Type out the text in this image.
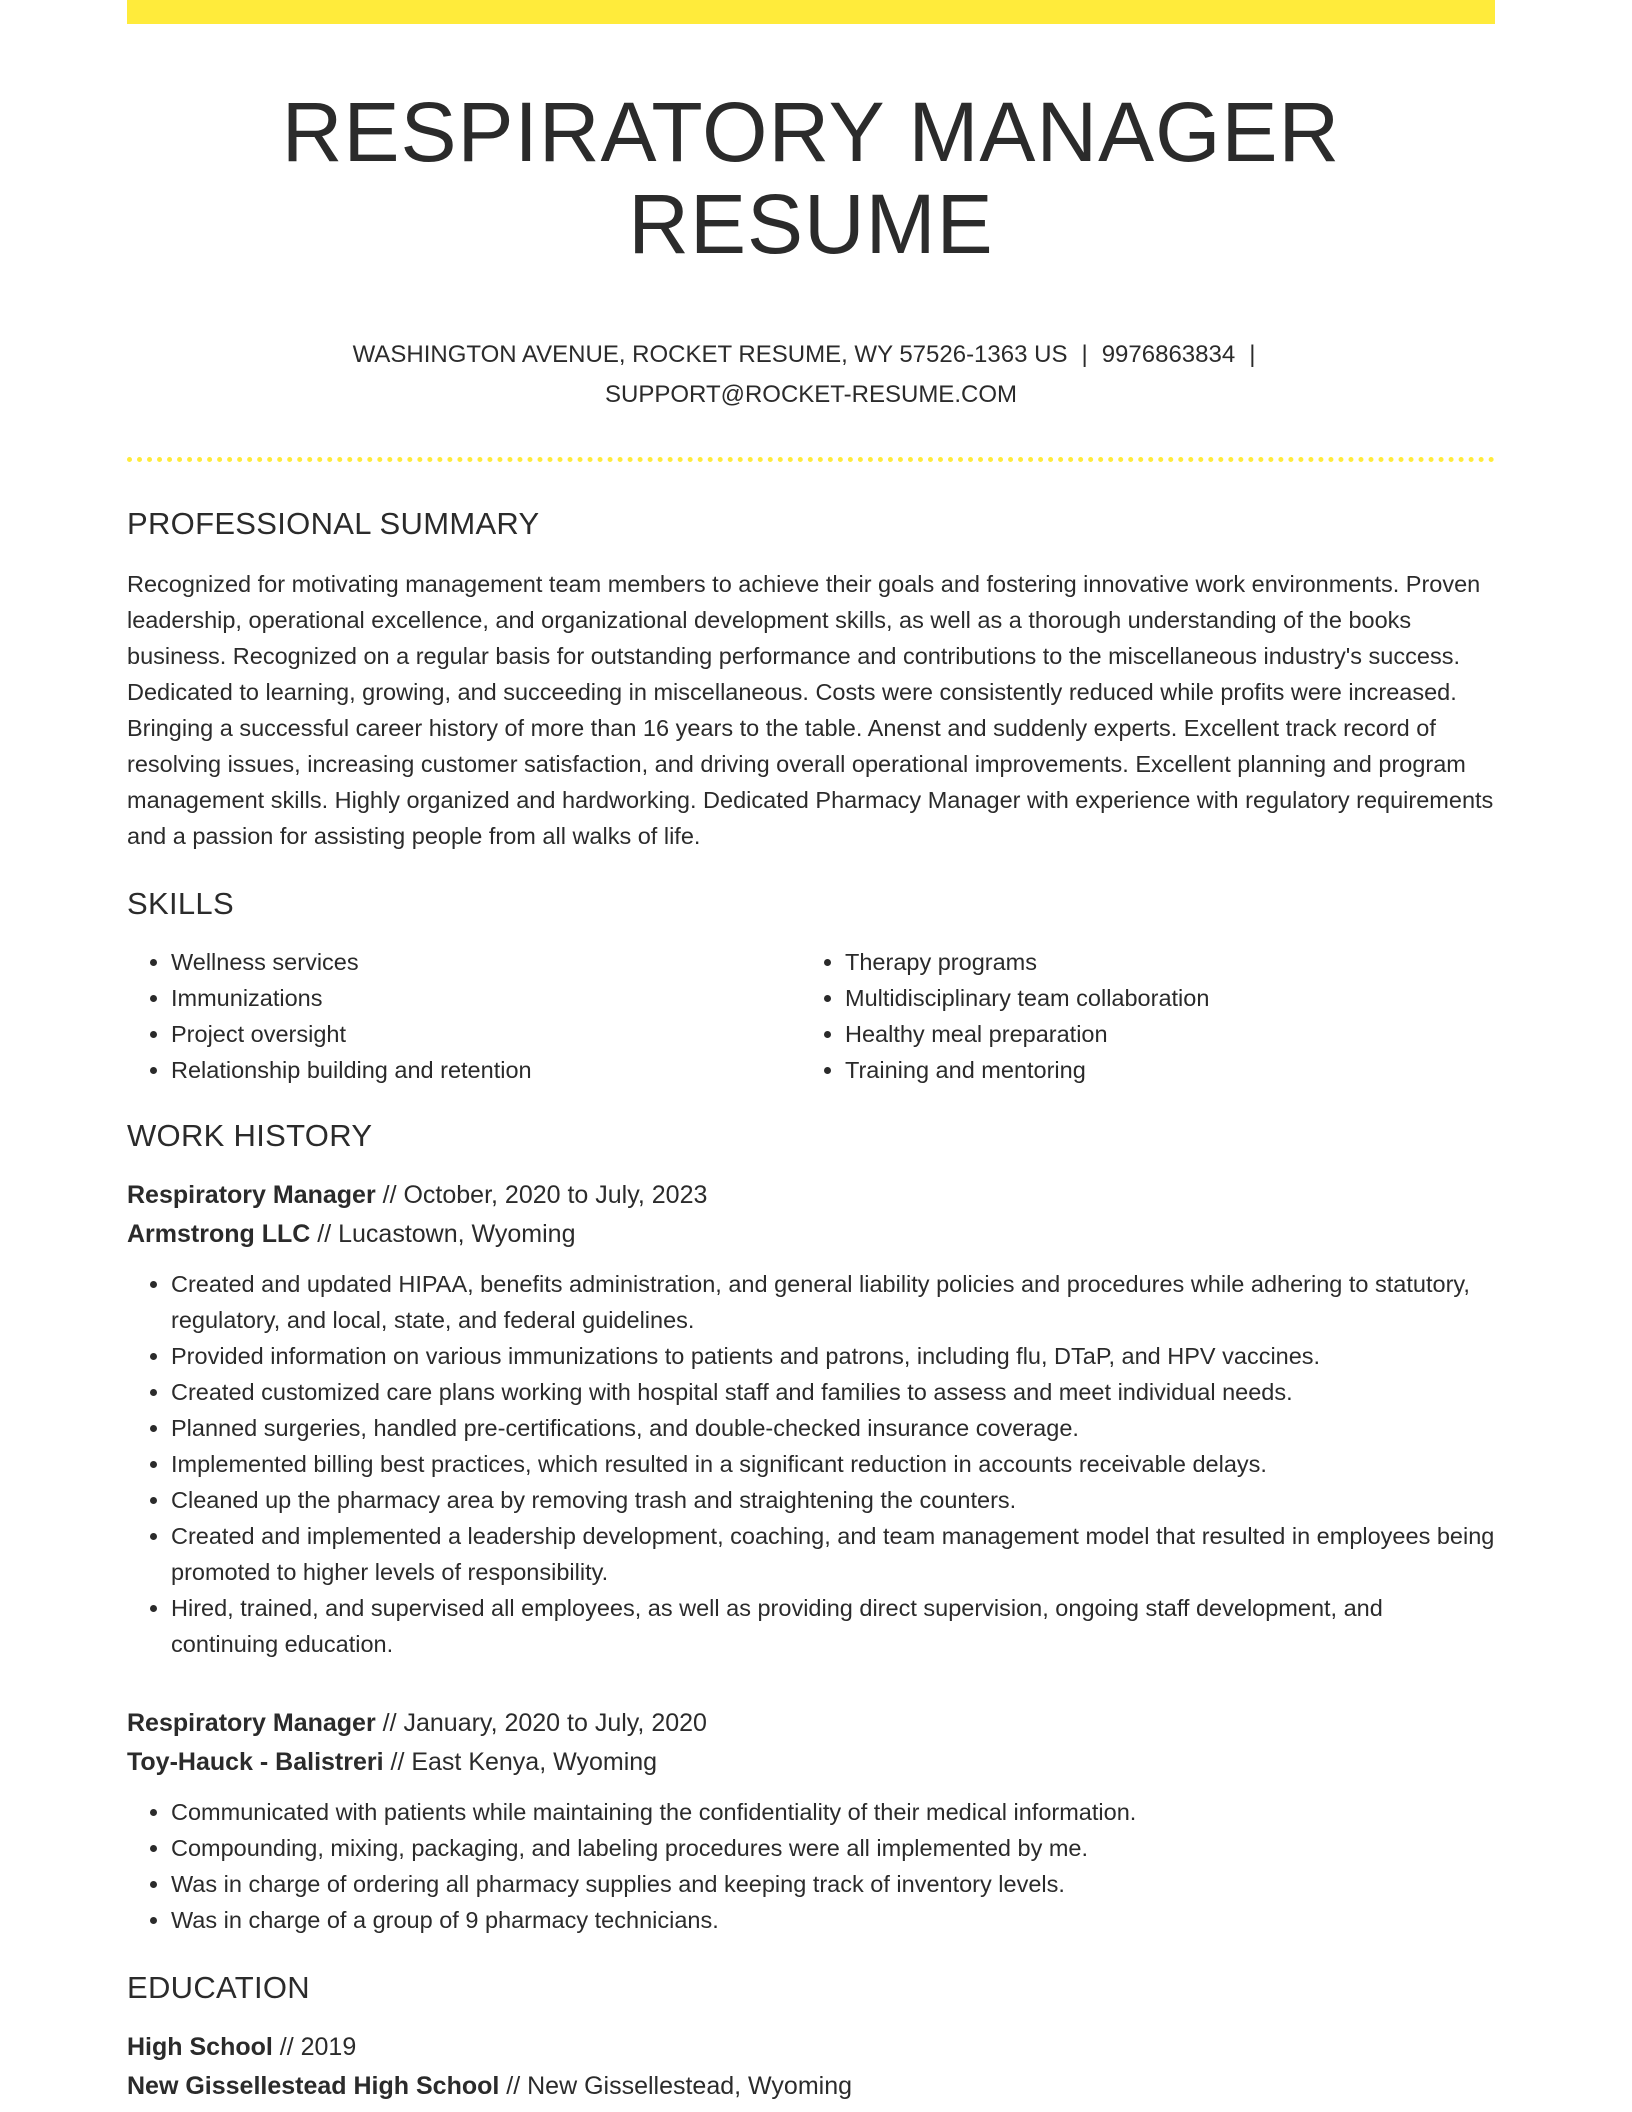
RESPIRATORY MANAGER RESUME
WASHINGTON AVENUE, ROCKET RESUME, WY 57526-1363 US | 9976863834 |
SUPPORT@ROCKET-RESUME.COM
PROFESSIONAL SUMMARY

Recognized for motivating management team members to achieve their goals and fostering innovative work environments. Proven leadership, operational excellence, and organizational development skills, as well as a thorough understanding of the books business. Recognized on a regular basis for outstanding performance and contributions to the miscellaneous industry's success. Dedicated to learning, growing, and succeeding in miscellaneous. Costs were consistently reduced while profits were increased. Bringing a successful career history of more than 16 years to the table. Anenst and suddenly experts. Excellent track record of resolving issues, increasing customer satisfaction, and driving overall operational improvements. Excellent planning and program management skills. Highly organized and hardworking. Dedicated Pharmacy Manager with experience with regulatory requirements and a passion for assisting people from all walks of life.

SKILLS
• Wellness services
• Immunizations
• Project oversight
• Relationship building and retention
• Therapy programs
• Multidisciplinary team collaboration
• Healthy meal preparation
• Training and mentoring
WORK HISTORY
Respiratory Manager // October, 2020 to July, 2023
Armstrong LLC // Lucastown, Wyoming
• Created and updated HIPAA, benefits administration, and general liability policies and procedures while adhering to statutory, regulatory, and local, state, and federal guidelines.
• Provided information on various immunizations to patients and patrons, including flu, DTaP, and HPV vaccines.
• Created customized care plans working with hospital staff and families to assess and meet individual needs.
• Planned surgeries, handled pre-certifications, and double-checked insurance coverage.
• Implemented billing best practices, which resulted in a significant reduction in accounts receivable delays.
• Cleaned up the pharmacy area by removing trash and straightening the counters.
• Created and implemented a leadership development, coaching, and team management model that resulted in employees being promoted to higher levels of responsibility.
• Hired, trained, and supervised all employees, as well as providing direct supervision, ongoing staff development, and continuing education.
Respiratory Manager // January, 2020 to July, 2020
Toy-Hauck - Balistreri // East Kenya, Wyoming
• Communicated with patients while maintaining the confidentiality of their medical information.
• Compounding, mixing, packaging, and labeling procedures were all implemented by me.
• Was in charge of ordering all pharmacy supplies and keeping track of inventory levels.
• Was in charge of a group of 9 pharmacy technicians.
EDUCATION
High School // 2019
New Gissellestead High School // New Gissellestead, Wyoming
